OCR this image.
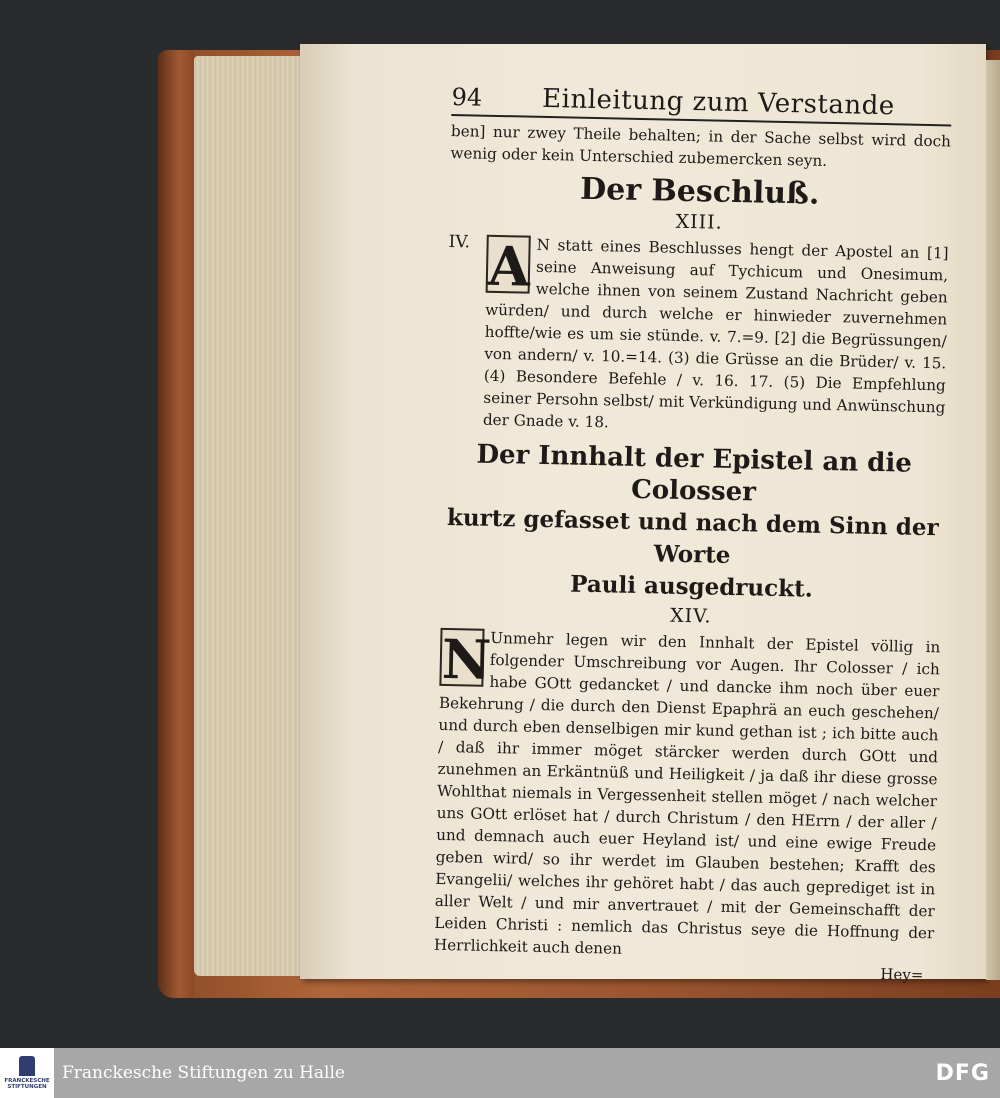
94 Einleitung zum Verstande

ben] nur zwey Theile behalten; in der Sache selbst wird doch wenig oder kein Unterschied zubemercken seyn.

Der Beschluß.

XIII.

IV. A N statt eines Beschlusses hengt der Apostel an [1] seine Anweisung auf Tychicum und Onesimum, welche ihnen von seinem Zustand Nachricht geben würden/ und durch welche er hinwieder zuvernehmen hoffte/wie es um sie stünde. v. 7.=9. [2] die Begrüssungen/ von andern/ v. 10.=14. (3) die Grüsse an die Brüder/ v. 15. (4) Besondere Befehle / v. 16. 17. (5) Die Empfehlung seiner Persohn selbst/ mit Verkündigung und Anwünschung der Gnade v. 18.

Der Innhalt der Epistel an die Colosser

kurtz gefasset und nach dem Sinn der Worte

Pauli ausgedruckt.

XIV.

N
Unmehr legen wir den Innhalt der Epistel völlig in folgender Umschreibung vor Augen. Ihr Colosser / ich habe GOtt gedancket / und dancke ihm noch über euer Bekehrung / die durch den Dienst Epaphrä an euch geschehen/ und durch eben denselbigen mir kund gethan ist ; ich bitte auch / daß ihr immer möget stärcker werden durch GOtt und zunehmen an Erkäntnüß und Heiligkeit / ja daß ihr diese grosse Wohlthat niemals in Vergessenheit stellen möget / nach welcher uns GOtt erlöset hat / durch Christum / den HErrn / der aller / und demnach auch euer Heyland ist/ und eine ewige Freude geben wird/ so ihr werdet im Glauben bestehen; Krafft des Evangelii/ welches ihr gehöret habt / das auch geprediget ist in aller Welt / und mir anvertrauet / mit der Gemeinschafft der Leiden Christi : nemlich das Christus seye die Hoffnung der Herrlichkeit auch denen

Hey=

FRANCKESCHE STIFTUNGEN
Franckesche Stiftungen zu Halle	DFG
